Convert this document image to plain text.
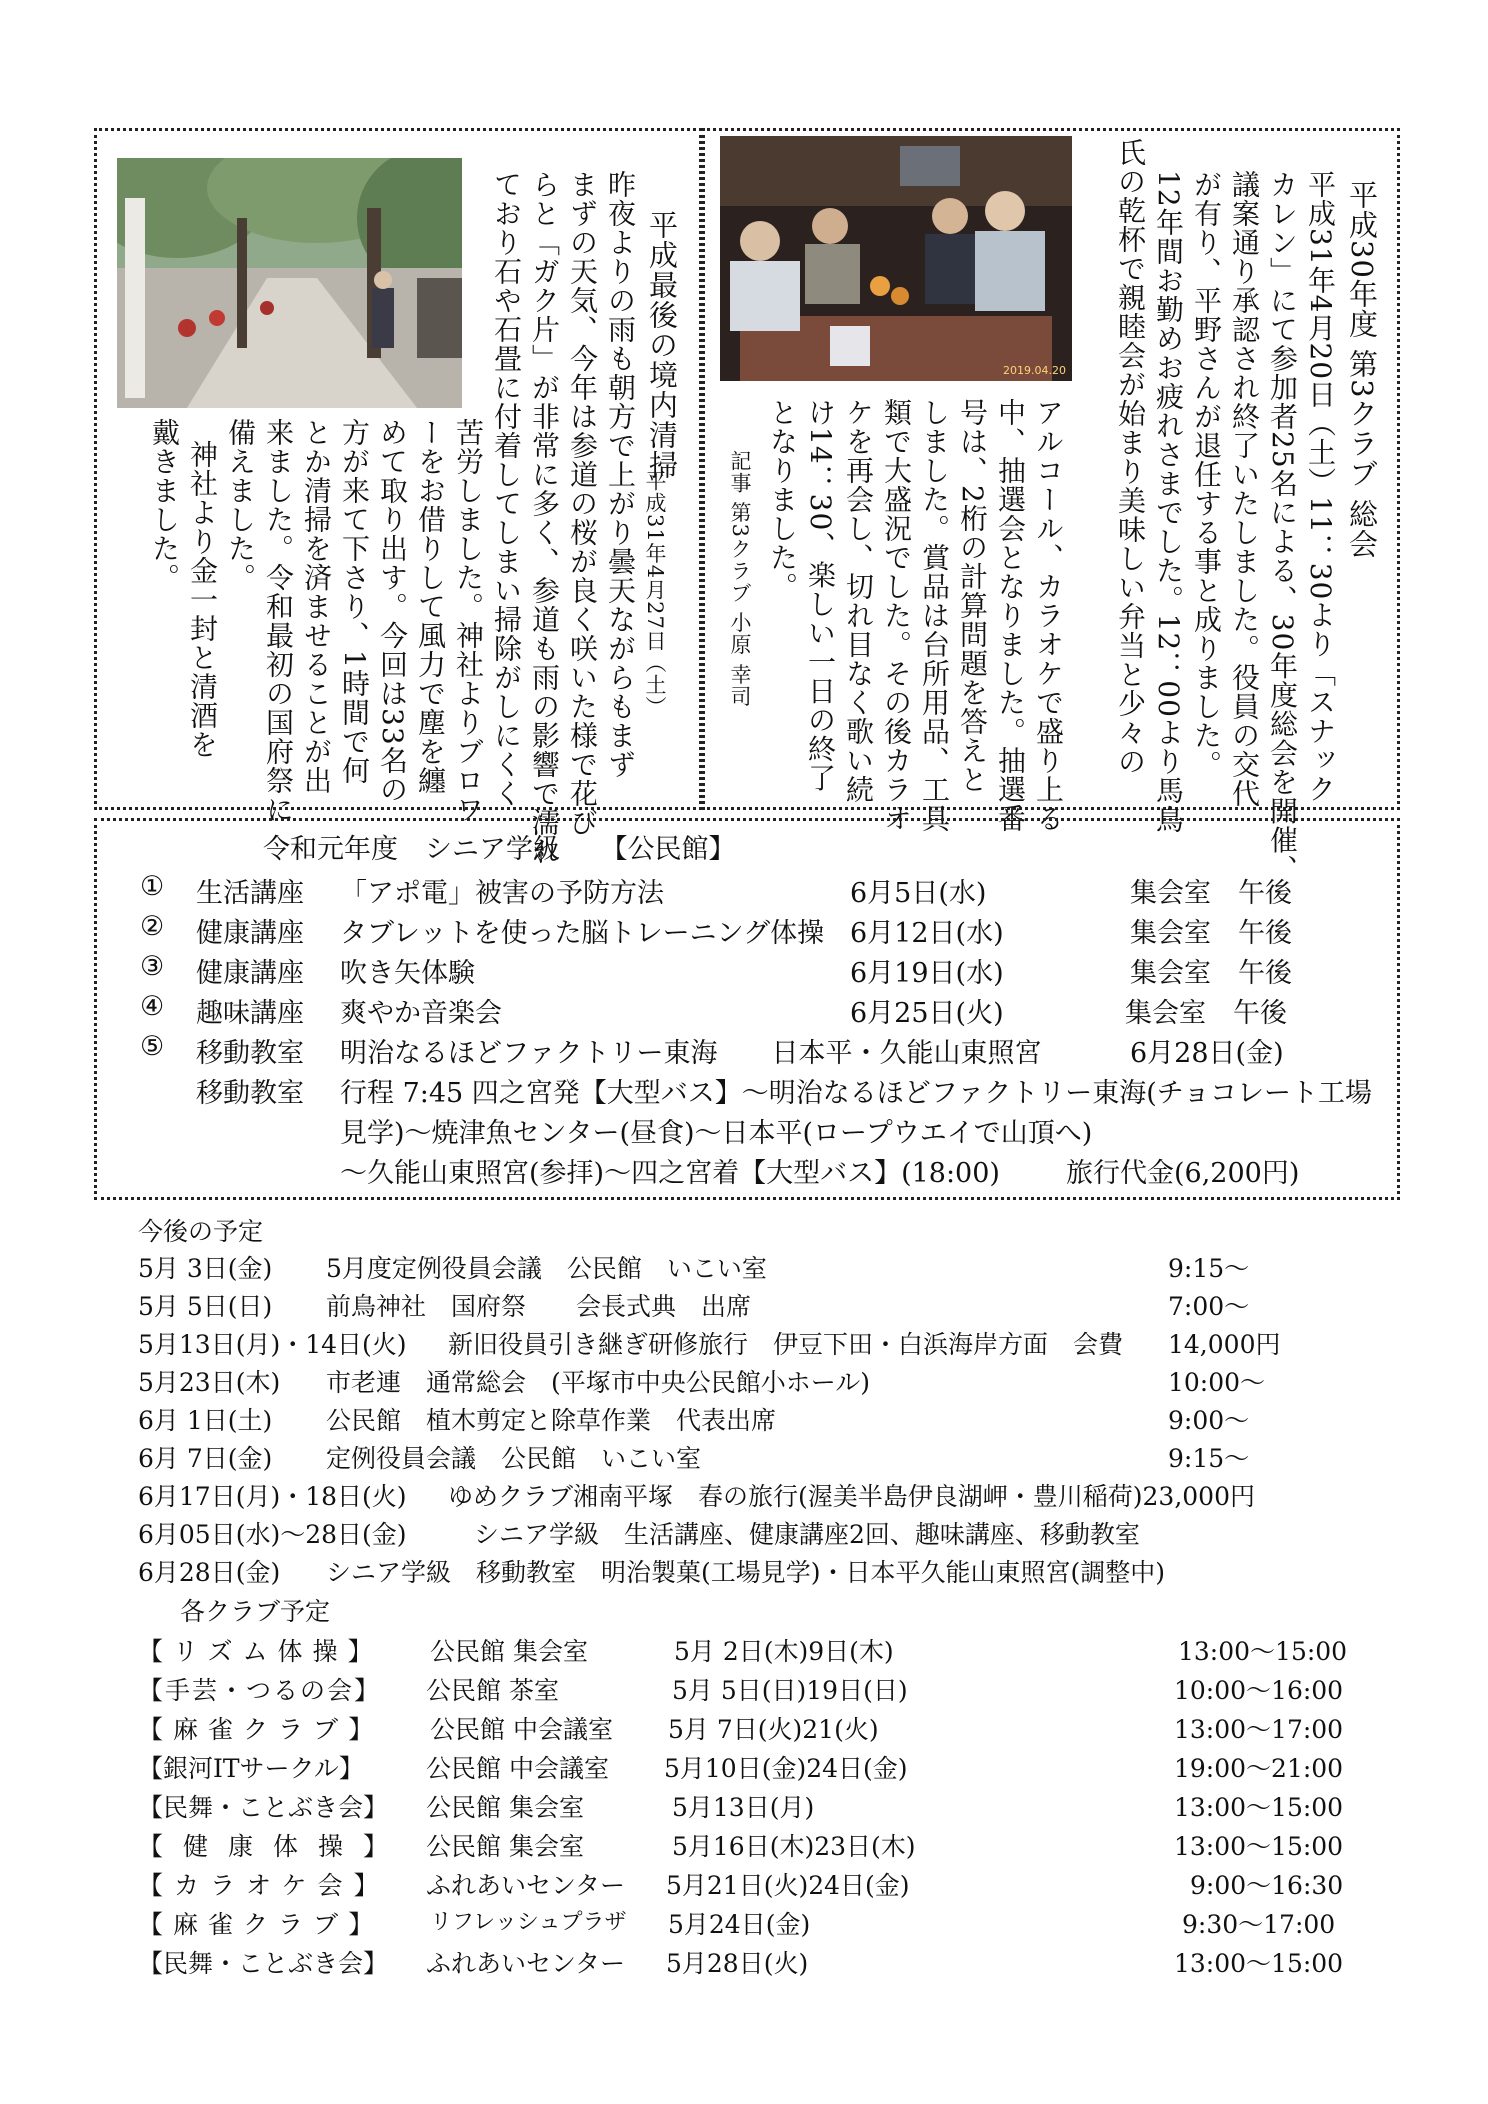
平成最後の境内清掃
平成31年4月27日（土）
昨夜よりの雨も朝方で上がり曇天ながらもまず
まずの天気、今年は参道の桜が良く咲いた様で花び
らと「ガク片」が非常に多く、参道も雨の影響で濡れ
ており石や石畳に付着してしまい掃除がしにくく
苦労しました。神社よりブロワ
ーをお借りして風力で塵を纏
めて取り出す。今回は33名の
方が来て下さり、1時間で何
とか清掃を済ませることが出
来ました。令和最初の国府祭に
備えました。
神社より金一封と清酒を
戴きました。
2019.04.20	平成30年度 第3クラブ 総会
平成31年4月20日（土）11：30より「スナック
カレン」にて参加者25名による、30年度総会を開催、
議案通り承認され終了いたしました。役員の交代
が有り、平野さんが退任する事と成りました。
12年間お勤めお疲れさまでした。12：00より馬鳥
氏の乾杯で親睦会が始まり美味しい弁当と少々の
アルコール、カラオケで盛り上る
中、抽選会となりました。抽選番
号は、2桁の計算問題を答えと
しました。賞品は台所用品、工具
類で大盛況でした。その後カラオ
ケを再会し、切れ目なく歌い続
け14：30、楽しい一日の終了
となりました。
記事 第3クラブ 小原 幸司
令和元年度　シニア学級　　【公民館】
① 生活講座 「アポ電」被害の予防方法	6月5日(水)	集会室　午後
② 健康講座 タブレットを使った脳トレーニング体操 6月12日(水)	集会室　午後
③ 健康講座 吹き矢体験	6月19日(水)	集会室　午後
④ 趣味講座 爽やか音楽会	6月25日(火)	集会室　午後
⑤ 移動教室 明治なるほどファクトリー東海　　日本平・久能山東照宮	6月28日(金)
移動教室 行程 7:45 四之宮発【大型バス】〜明治なるほどファクトリー東海(チョコレート工場
見学)〜焼津魚センター(昼食)〜日本平(ロープウエイで山頂へ)
〜久能山東照宮(参拝)〜四之宮着【大型バス】(18:00) 旅行代金(6,200円)
今後の予定
5月 3日(金) 5月度定例役員会議　公民館　いこい室	9:15〜
5月 5日(日) 前鳥神社　国府祭　　会長式典　出席	7:00〜
5月13日(月)・14日(火) 新旧役員引き継ぎ研修旅行　伊豆下田・白浜海岸方面　会費 14,000円
5月23日(木) 市老連　通常総会　(平塚市中央公民館小ホール)	10:00〜
6月 1日(土) 公民館　植木剪定と除草作業　代表出席	9:00〜
6月 7日(金) 定例役員会議　公民館　いこい室	9:15〜
6月17日(月)・18日(火) ゆめクラブ湘南平塚　春の旅行(渥美半島伊良湖岬・豊川稲荷)23,000円
6月05日(水)〜28日(金)	シニア学級　生活講座、健康講座2回、趣味講座、移動教室
6月28日(金) シニア学級　移動教室　明治製菓(工場見学)・日本平久能山東照宮(調整中)
各クラブ予定
【リズム体操】 公民館 集会室	5月 2日(木)9日(木)	13:00〜15:00
【手芸・つるの会】 公民館 茶室	5月 5日(日)19日(日)	10:00〜16:00
【麻雀クラブ】 公民館 中会議室 5月 7日(火)21(火)	13:00〜17:00
【銀河ITサークル】 公民館 中会議室 5月10日(金)24日(金)	19:00〜21:00
【民舞・ことぶき会】 公民館 集会室	5月13日(月)	13:00〜15:00
【健康体操】 公民館 集会室	5月16日(木)23日(木)	13:00〜15:00
【カラオケ会】 ふれあいセンター 5月21日(火)24日(金)	9:00〜16:30
【麻雀クラブ】 リフレッシュプラザ 5月24日(金)	9:30〜17:00
【民舞・ことぶき会】 ふれあいセンター 5月28日(火)	13:00〜15:00
